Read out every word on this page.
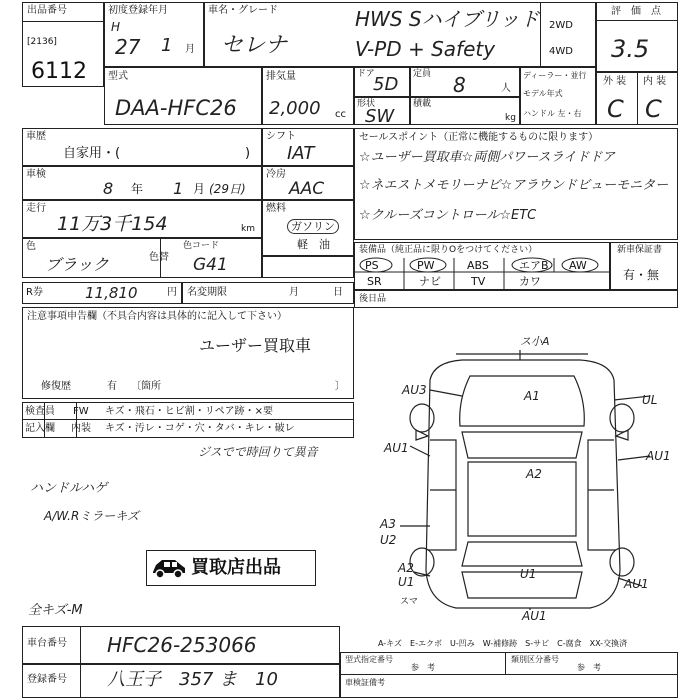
出品番号
[2136]
6112
初度登録年月
H
27 1 月
車名・グレード
セレナ
HWS Sハイブリッド
V-PD + Safety
2WD
4WD
評　価　点
3.5
型式
DAA-HFC26
排気量
2,000 cc
ドア
5D 定員 8	人
形状
SW
積載
kg
ディーラー・並行
モデル年式
ハンドル 左・右
外 装 内 装
C C
車歴
自家用・(	)
シフト
IAT
車検
8 年 1 月 (29日)
冷房
AAC
走行
11万3千154	km
燃料
ガソリン
軽　油
色
ブラック	色替
色コード
G41
R券	11,810	円 名変期限	月	日
セールスポイント（正常に機能するものに限ります）
☆ユーザー買取車☆両側パワースライドドア
☆ネエストメモリーナビ☆アラウンドビューモニター
☆クルーズコントロール☆ETC
装備品（純正品に限りOをつけてください）
PS	PW	ABS	エアB AW
SR	ナビ	TV	カワ
新車保証書
有・無
後日品
注意事項申告欄（不具合内容は具体的に記入して下さい）
ユーザー買取車
修復歴	有 〔箇所	〕
検査員
記入欄
FW
内装
キズ・飛石・ヒビ割・リペア跡・×要
キズ・汚レ・コゲ・穴・タバ・キレ・破レ
ジスでで時回りて異音
ハンドルハゲ
A/W.Rミラーキズ
全キズ-M
買取店出品
ス小A
A1
AU3
UL
AU1
AU1
A2
A3
U2
A2
U1
U1
AU1
AU1
スマ
A-キズ　E-エクボ　U-凹み　W-補修跡　S-サビ　C-腐食　XX-交換済
車台番号 HFC26-253066
登録番号 八王子　357 ま　10
型式指定番号
参　考
類別区分番号
参　考
車検証備考
